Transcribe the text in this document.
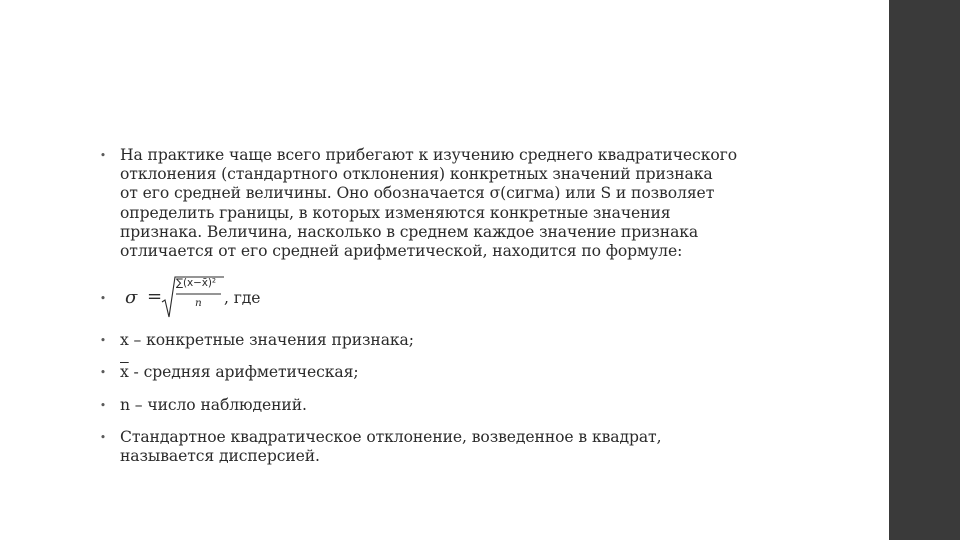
• На практике чаще всего прибегают к изучению среднего квадратического
отклонения (стандартного отклонения) конкретных значений признака
от его средней величины. Оно обозначается σ(сигма) или S и позволяет
определить границы, в которых изменяются конкретные значения
признака. Величина, насколько в среднем каждое значение признака
отличается от его средней арифметической, находится по формуле:
• σ =
∑(x−x̄)²
n , где
• x – конкретные значения признака;
• $\overline{x}$ - средняя арифметическая;
• n – число наблюдений.
• Стандартное квадратическое отклонение, возведенное в квадрат,
называется дисперсией.
